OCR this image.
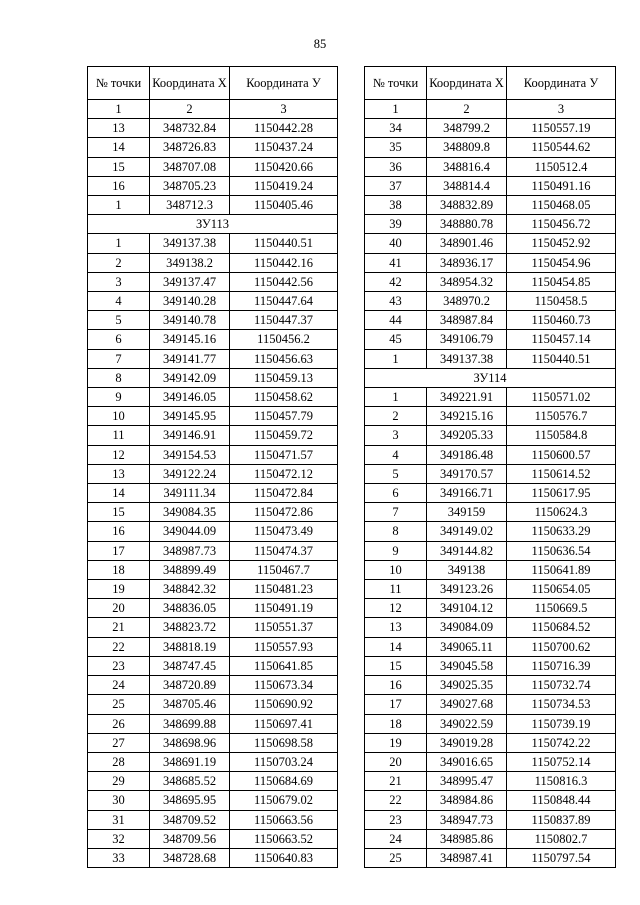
85
№ точки	Координата Х	Координата У
1	2	3
13	348732.84	1150442.28
14	348726.83	1150437.24
15	348707.08	1150420.66
16	348705.23	1150419.24
1	348712.3	1150405.46
ЗУ113		
1	349137.38	1150440.51
2	349138.2	1150442.16
3	349137.47	1150442.56
4	349140.28	1150447.64
5	349140.78	1150447.37
6	349145.16	1150456.2
7	349141.77	1150456.63
8	349142.09	1150459.13
9	349146.05	1150458.62
10	349145.95	1150457.79
11	349146.91	1150459.72
12	349154.53	1150471.57
13	349122.24	1150472.12
14	349111.34	1150472.84
15	349084.35	1150472.86
16	349044.09	1150473.49
17	348987.73	1150474.37
18	348899.49	1150467.7
19	348842.32	1150481.23
20	348836.05	1150491.19
21	348823.72	1150551.37
22	348818.19	1150557.93
23	348747.45	1150641.85
24	348720.89	1150673.34
25	348705.46	1150690.92
26	348699.88	1150697.41
27	348698.96	1150698.58
28	348691.19	1150703.24
29	348685.52	1150684.69
30	348695.95	1150679.02
31	348709.52	1150663.56
32	348709.56	1150663.52
33	348728.68	1150640.83
№ точки	Координата Х	Координата У
1	2	3
34	348799.2	1150557.19
35	348809.8	1150544.62
36	348816.4	1150512.4
37	348814.4	1150491.16
38	348832.89	1150468.05
39	348880.78	1150456.72
40	348901.46	1150452.92
41	348936.17	1150454.96
42	348954.32	1150454.85
43	348970.2	1150458.5
44	348987.84	1150460.73
45	349106.79	1150457.14
1	349137.38	1150440.51
ЗУ114		
1	349221.91	1150571.02
2	349215.16	1150576.7
3	349205.33	1150584.8
4	349186.48	1150600.57
5	349170.57	1150614.52
6	349166.71	1150617.95
7	349159	1150624.3
8	349149.02	1150633.29
9	349144.82	1150636.54
10	349138	1150641.89
11	349123.26	1150654.05
12	349104.12	1150669.5
13	349084.09	1150684.52
14	349065.11	1150700.62
15	349045.58	1150716.39
16	349025.35	1150732.74
17	349027.68	1150734.53
18	349022.59	1150739.19
19	349019.28	1150742.22
20	349016.65	1150752.14
21	348995.47	1150816.3
22	348984.86	1150848.44
23	348947.73	1150837.89
24	348985.86	1150802.7
25	348987.41	1150797.54
